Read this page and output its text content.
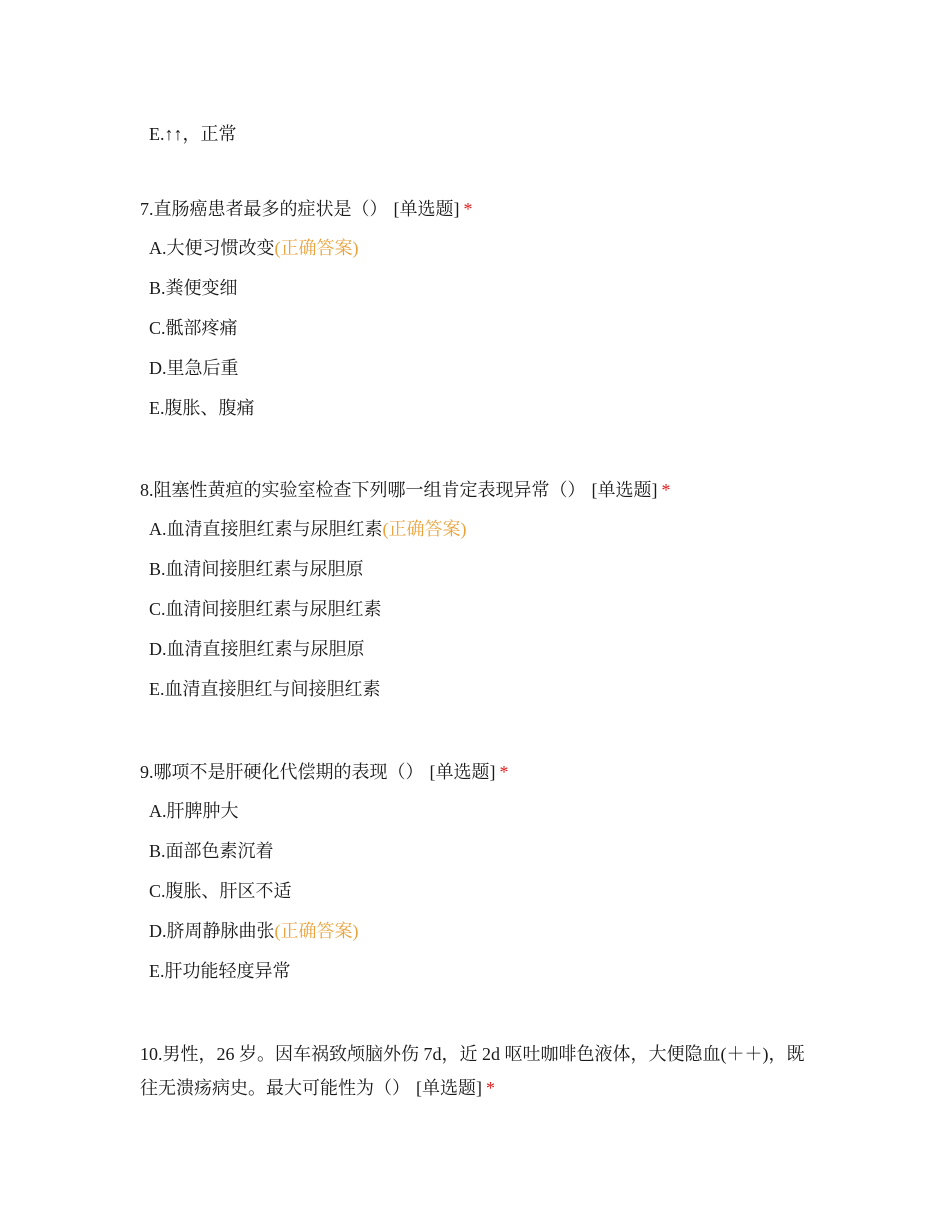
E.↑↑，正常

7.直肠癌患者最多的症状是（） [单选题] *

A.大便习惯改变(正确答案)
B.粪便变细
C.骶部疼痛
D.里急后重
E.腹胀、腹痛

8.阻塞性黄疸的实验室检查下列哪一组肯定表现异常（） [单选题] *

A.血清直接胆红素与尿胆红素(正确答案)
B.血清间接胆红素与尿胆原
C.血清间接胆红素与尿胆红素
D.血清直接胆红素与尿胆原
E.血清直接胆红与间接胆红素

9.哪项不是肝硬化代偿期的表现（） [单选题] *

A.肝脾肿大
B.面部色素沉着
C.腹胀、肝区不适
D.脐周静脉曲张(正确答案)
E.肝功能轻度异常

10.男性，26 岁。因车祸致颅脑外伤 7d，近 2d 呕吐咖啡色液体，大便隐血(＋＋)，既往无溃疡病史。最大可能性为（） [单选题] *
